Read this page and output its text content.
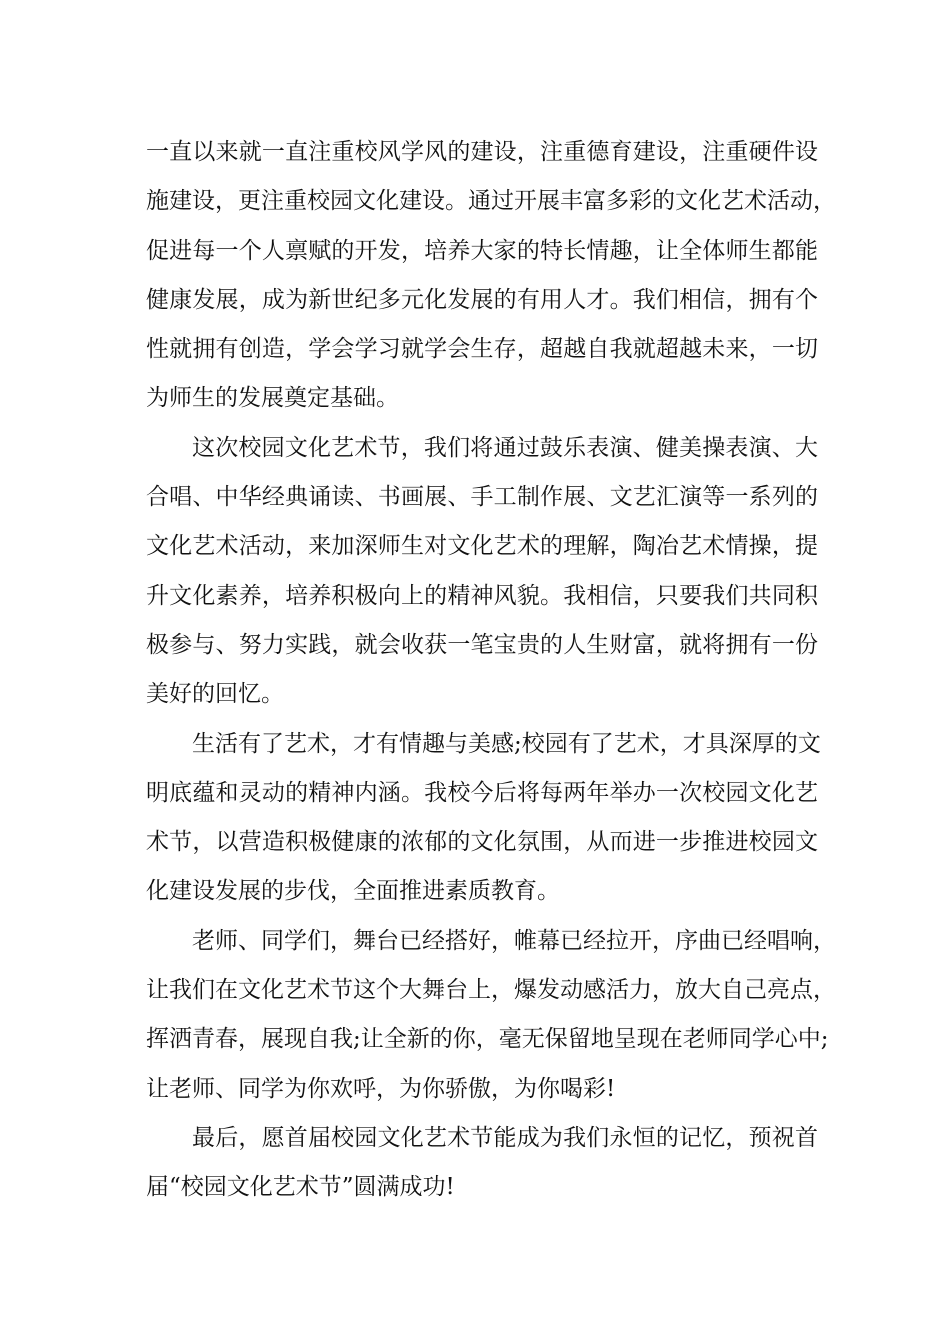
一直以来就一直注重校风学风的建设，注重德育建设，注重硬件设
施建设，更注重校园文化建设。通过开展丰富多彩的文化艺术活动，
促进每一个人禀赋的开发，培养大家的特长情趣，让全体师生都能
健康发展，成为新世纪多元化发展的有用人才。我们相信，拥有个
性就拥有创造，学会学习就学会生存，超越自我就超越未来，一切
为师生的发展奠定基础。
这次校园文化艺术节，我们将通过鼓乐表演、健美操表演、大
合唱、中华经典诵读、书画展、手工制作展、文艺汇演等一系列的
文化艺术活动，来加深师生对文化艺术的理解，陶冶艺术情操，提
升文化素养，培养积极向上的精神风貌。我相信，只要我们共同积
极参与、努力实践，就会收获一笔宝贵的人生财富，就将拥有一份
美好的回忆。
生活有了艺术，才有情趣与美感;校园有了艺术，才具深厚的文
明底蕴和灵动的精神内涵。我校今后将每两年举办一次校园文化艺
术节，以营造积极健康的浓郁的文化氛围，从而进一步推进校园文
化建设发展的步伐，全面推进素质教育。
老师、同学们，舞台已经搭好，帷幕已经拉开，序曲已经唱响，
让我们在文化艺术节这个大舞台上，爆发动感活力，放大自己亮点，
挥洒青春，展现自我;让全新的你，毫无保留地呈现在老师同学心中;
让老师、同学为你欢呼，为你骄傲，为你喝彩!
最后，愿首届校园文化艺术节能成为我们永恒的记忆，预祝首
届“校园文化艺术节”圆满成功!
